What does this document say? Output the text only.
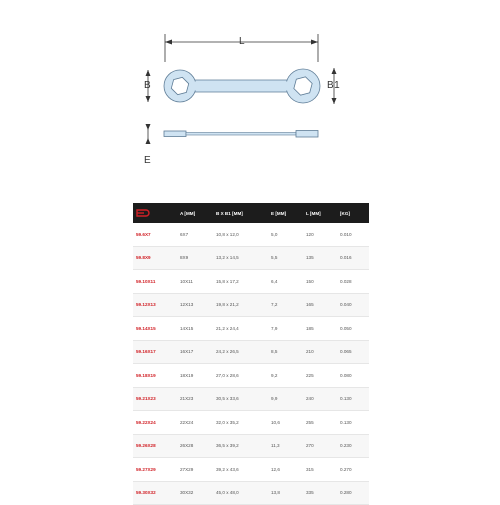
L
B	B1
E
	A [MM]	B X B1 [MM]	E [MM]	L [MM]	[KG]
59.6X7	6X7	10,8 x 12,0	5,0	120	0.010
59.8X9	8X9	13,2 x 14,5	5,5	135	0.016
59.10X11	10X11	15,8 x 17,2	6,4	150	0.028
59.12X13	12X13	19,8 x 21,2	7,2	165	0.040
59.14X15	14X15	21,2 x 24,4	7,9	185	0.050
59.16X17	16X17	24,2 x 26,5	8,5	210	0.065
59.18X19	18X19	27,0 x 28,6	9,2	225	0.080
59.21X23	21X23	30,5 x 33,6	9,9	240	0.130
59.22X24	22X24	32,0 x 35,2	10,6	255	0.130
59.26X28	26X28	36,5 x 39,2	11,3	270	0.230
59.27X29	27X29	39,2 x 43,6	12,6	315	0.270
59.30X32	30X32	45,0 x 48,0	13,8	335	0.280
